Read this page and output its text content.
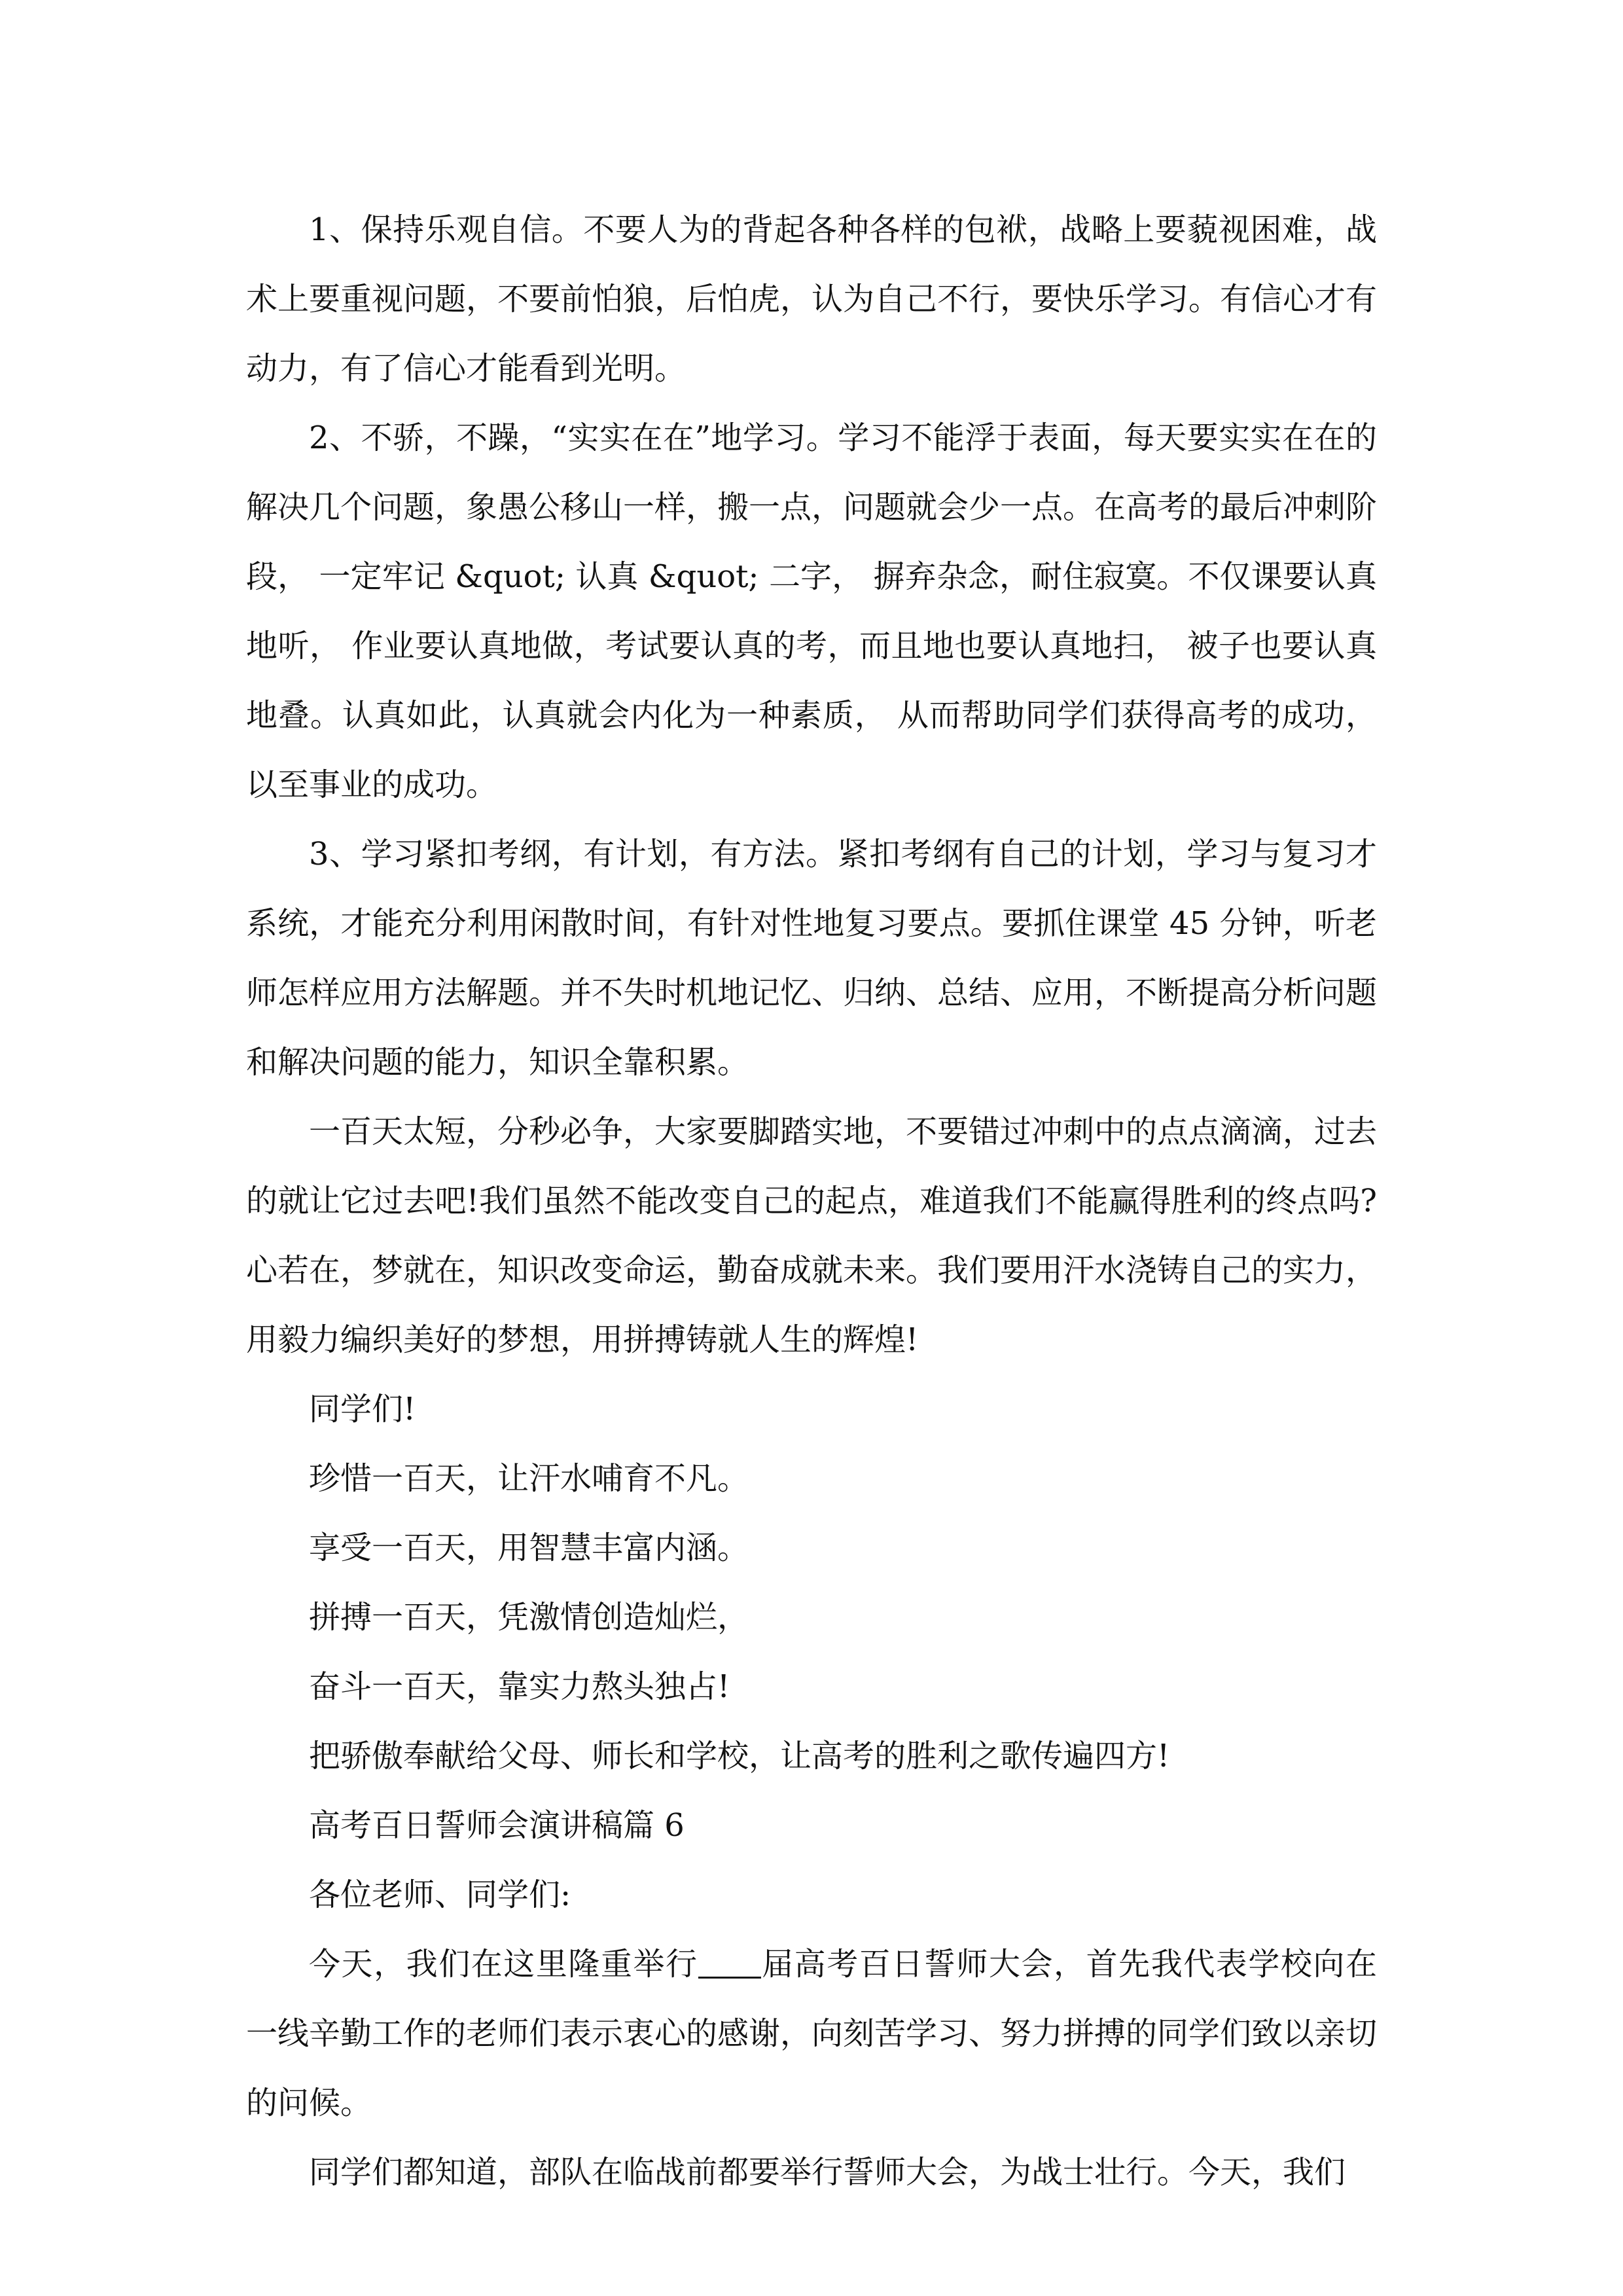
1、保持乐观自信。不要人为的背起各种各样的包袱，战略上要藐视困难，战术上要重视问题，不要前怕狼，后怕虎，认为自己不行，要快乐学习。有信心才有动力，有了信心才能看到光明。

2、不骄，不躁，“实实在在”地学习。学习不能浮于表面，每天要实实在在的解决几个问题，象愚公移山一样，搬一点，问题就会少一点。在高考的最后冲刺阶段， 一定牢记 &quot; 认真 &quot; 二字， 摒弃杂念，耐住寂寞。不仅课要认真地听， 作业要认真地做，考试要认真的考，而且地也要认真地扫， 被子也要认真地叠。认真如此，认真就会内化为一种素质， 从而帮助同学们获得高考的成功，以至事业的成功。

3、学习紧扣考纲，有计划，有方法。紧扣考纲有自己的计划，学习与复习才系统，才能充分利用闲散时间，有针对性地复习要点。要抓住课堂 45 分钟，听老师怎样应用方法解题。并不失时机地记忆、归纳、总结、应用，不断提高分析问题和解决问题的能力，知识全靠积累。

一百天太短，分秒必争，大家要脚踏实地，不要错过冲刺中的点点滴滴，过去的就让它过去吧!我们虽然不能改变自己的起点，难道我们不能赢得胜利的终点吗?心若在，梦就在，知识改变命运，勤奋成就未来。我们要用汗水浇铸自己的实力，用毅力编织美好的梦想，用拼搏铸就人生的辉煌!

同学们!

珍惜一百天，让汗水哺育不凡。

享受一百天，用智慧丰富内涵。

拼搏一百天，凭激情创造灿烂，

奋斗一百天，靠实力熬头独占!

把骄傲奉献给父母、师长和学校，让高考的胜利之歌传遍四方!

高考百日誓师会演讲稿篇 6

各位老师、同学们:

今天，我们在这里隆重举行 届高考百日誓师大会，首先我代表学校向在一线辛勤工作的老师们表示衷心的感谢，向刻苦学习、努力拼搏的同学们致以亲切的问候。

同学们都知道，部队在临战前都要举行誓师大会，为战士壮行。今天，我们
